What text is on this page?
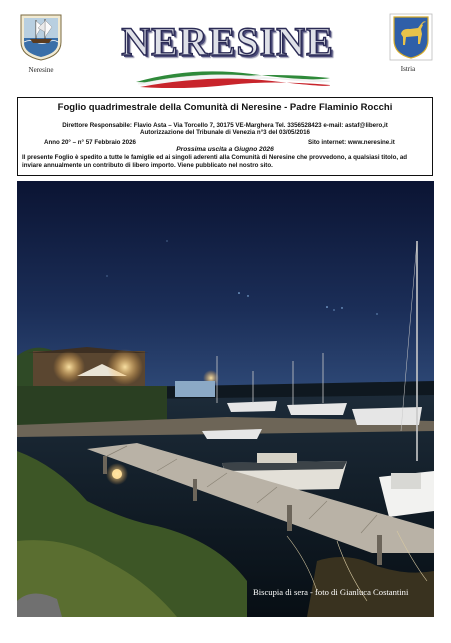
Neresine
NERESINE
Istria
Foglio quadrimestrale della Comunità di Neresine - Padre Flaminio Rocchi
Direttore Responsabile: Flavio Asta – Via Torcello 7, 30175 VE-Marghera Tel. 3356528423 e-mail: astaf@libero,it
Autorizzazione del Tribunale di Venezia n°3 del 03/05/2016
Anno 20° – n° 57 Febbraio 2026	Sito internet: www.neresine.it
Prossima uscita a Giugno 2026
Il presente Foglio è spedito a tutte le famiglie ed ai singoli aderenti alla Comunità di Neresine che provvedono, a qualsiasi titolo, ad inviare annualmente un contributo di libero importo. Viene pubblicato nel nostro sito.
Biscupia di sera - foto di Gianluca Costantini
